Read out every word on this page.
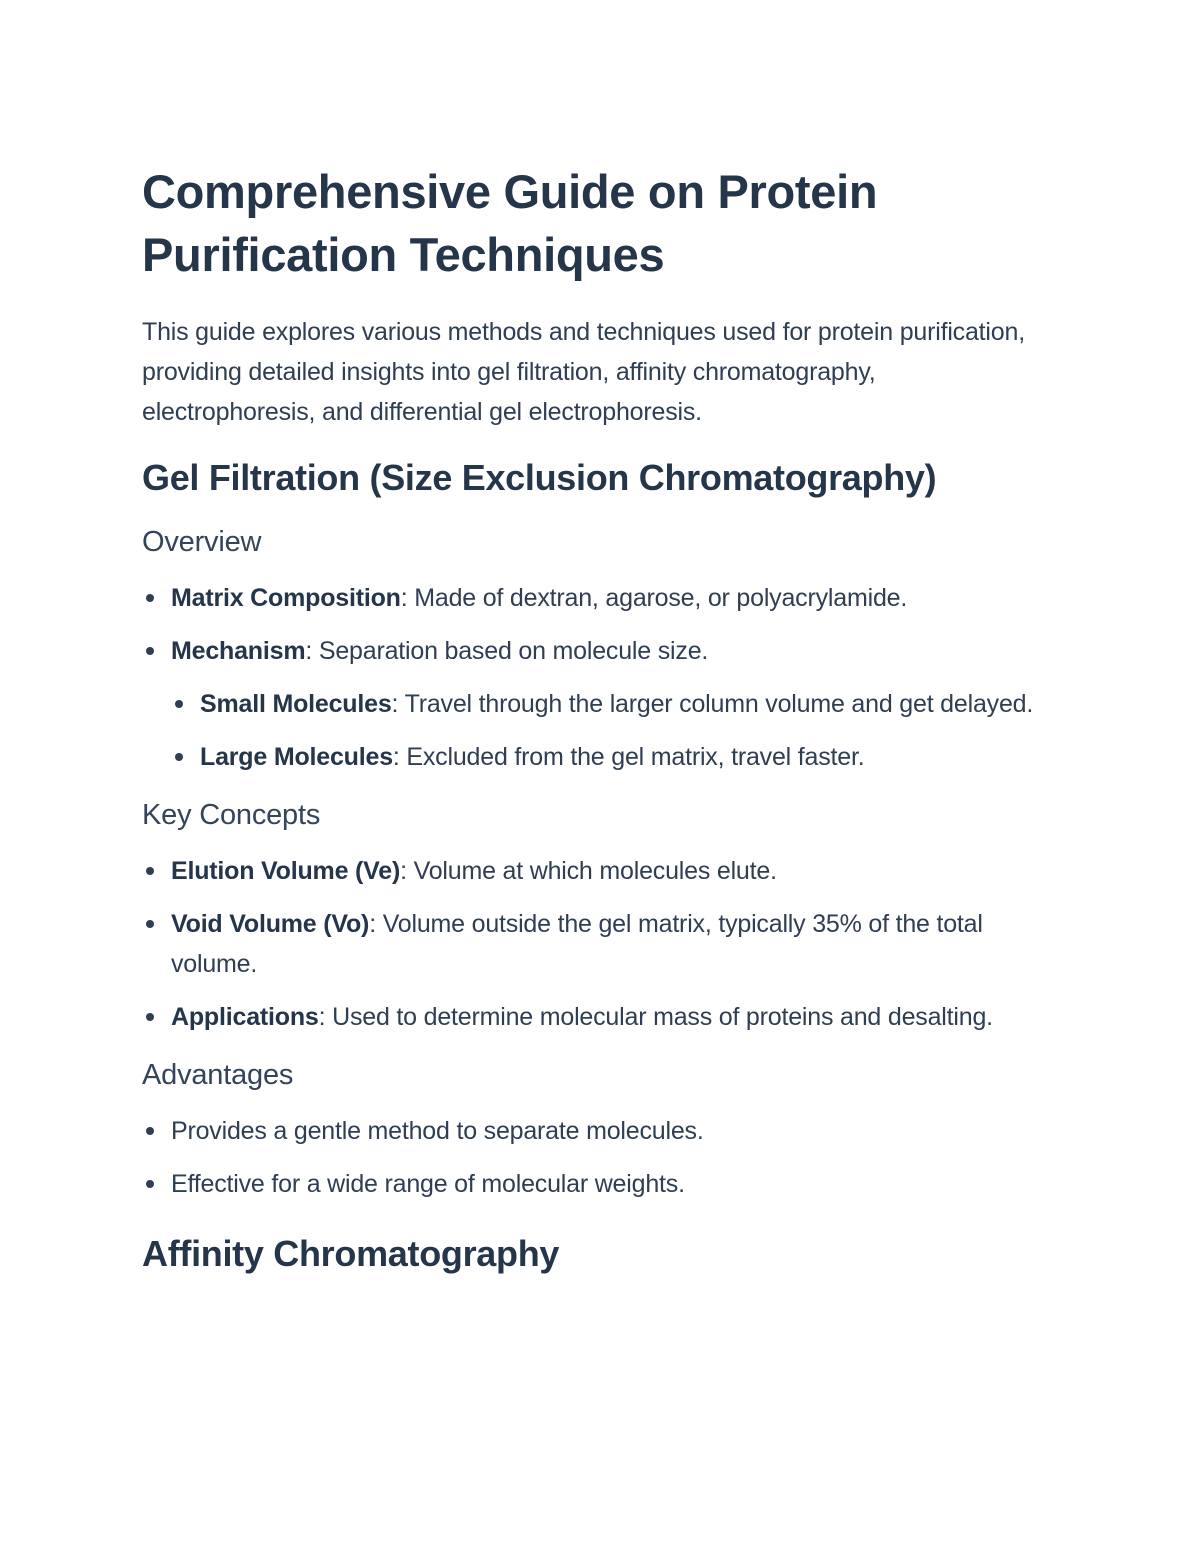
Comprehensive Guide on Protein Purification Techniques

This guide explores various methods and techniques used for protein purification, providing detailed insights into gel filtration, affinity chromatography, electrophoresis, and differential gel electrophoresis.

Gel Filtration (Size Exclusion Chromatography)
Overview
Matrix Composition: Made of dextran, agarose, or polyacrylamide.
Mechanism: Separation based on molecule size.
Small Molecules: Travel through the larger column volume and get delayed.
Large Molecules: Excluded from the gel matrix, travel faster.
Key Concepts
Elution Volume (Ve): Volume at which molecules elute.
Void Volume (Vo): Volume outside the gel matrix, typically 35% of the total volume.
Applications: Used to determine molecular mass of proteins and desalting.
Advantages
Provides a gentle method to separate molecules.
Effective for a wide range of molecular weights.
Affinity Chromatography
